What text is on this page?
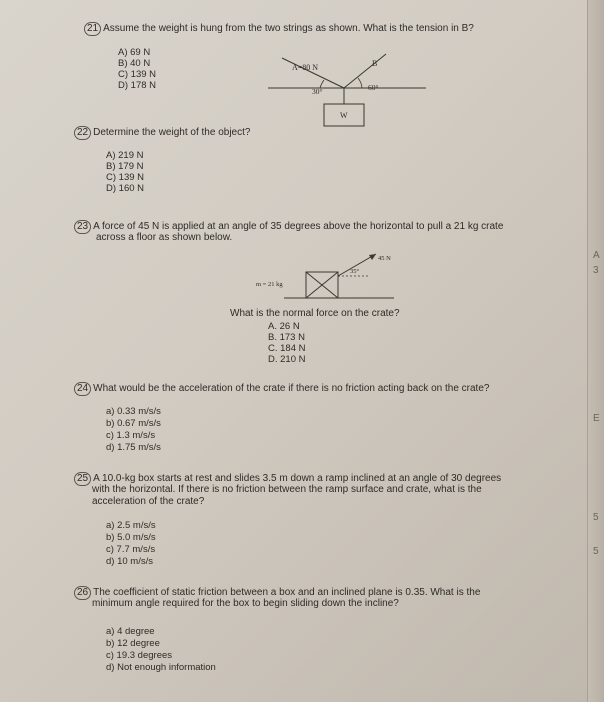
21 Assume the weight is hung from the two strings as shown. What is the tension in B?
A) 69 N
B) 40 N
C) 139 N
D) 178 N
A=80 N	B
30°	60°
W
22 Determine the weight of the object?
A) 219 N
B) 179 N
C) 139 N
D) 160 N
23 A force of 45 N is applied at an angle of 35 degrees above the horizontal to pull a 21 kg crate
across a floor as shown below.
45 N
35°
m = 21 kg
What is the normal force on the crate?
A. 26 N
B. 173 N
C. 184 N
D. 210 N
24 What would be the acceleration of the crate if there is no friction acting back on the crate?
a) 0.33 m/s/s
b) 0.67 m/s/s
c) 1.3 m/s/s
d) 1.75 m/s/s
25 A 10.0-kg box starts at rest and slides 3.5 m down a ramp inclined at an angle of 30 degrees
with the horizontal. If there is no friction between the ramp surface and crate, what is the
acceleration of the crate?
a) 2.5 m/s/s
b) 5.0 m/s/s
c) 7.7 m/s/s
d) 10 m/s/s
26 The coefficient of static friction between a box and an inclined plane is 0.35. What is the
minimum angle required for the box to begin sliding down the incline?
a) 4 degree
b) 12 degree
c) 19.3 degrees
d) Not enough information
A
3
E
5
5
